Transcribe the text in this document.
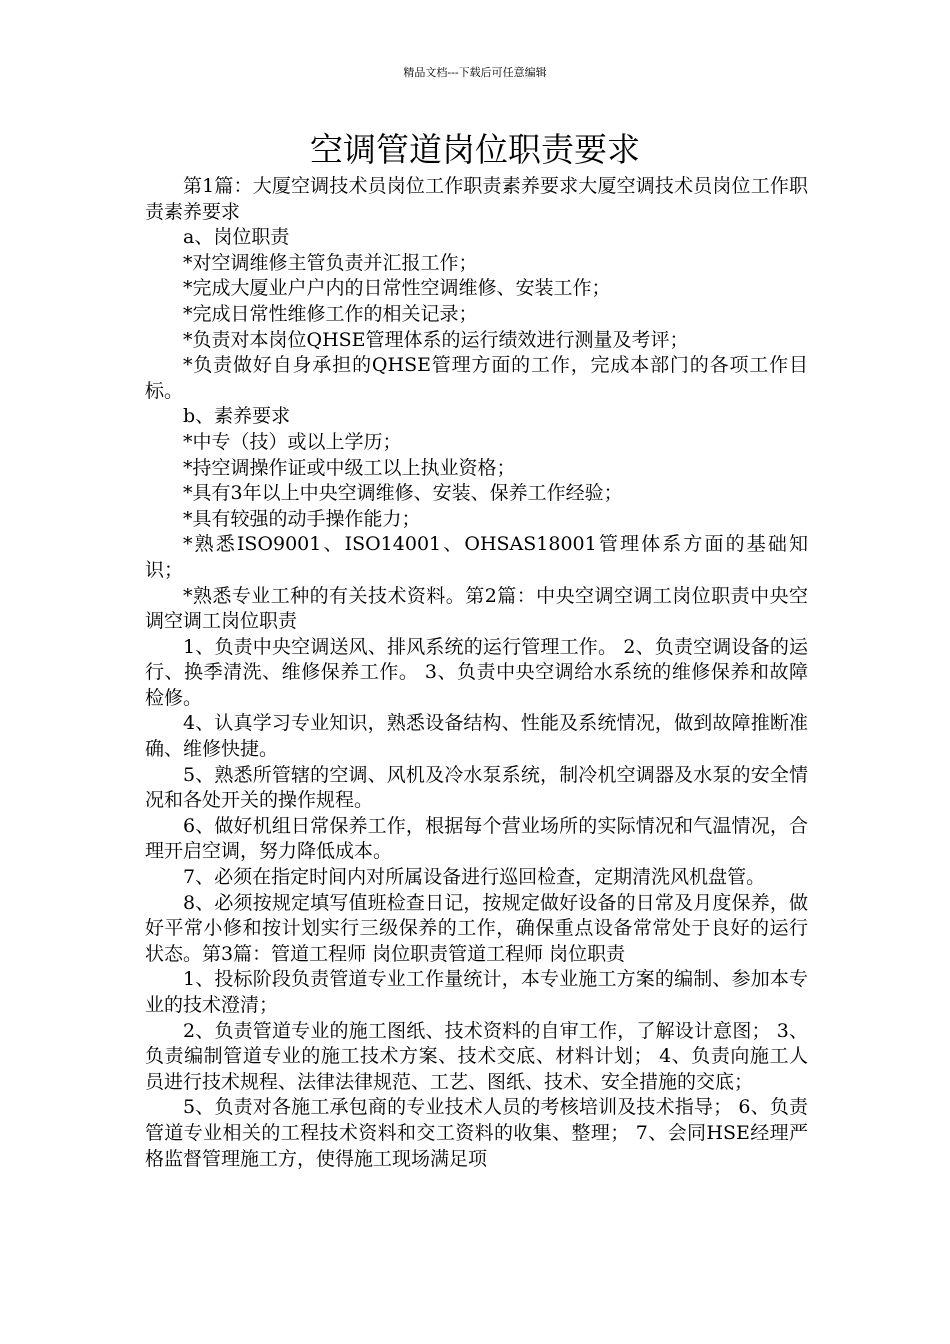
精品文档---下载后可任意编辑
空调管道岗位职责要求

第1篇：大厦空调技术员岗位工作职责素养要求大厦空调技术员岗位工作职责素养要求

a、岗位职责

*对空调维修主管负责并汇报工作；

*完成大厦业户户内的日常性空调维修、安装工作；

*完成日常性维修工作的相关记录；

*负责对本岗位QHSE管理体系的运行绩效进行测量及考评；

*负责做好自身承担的QHSE管理方面的工作，完成本部门的各项工作目标。

b、素养要求

*中专（技）或以上学历；

*持空调操作证或中级工以上执业资格；

*具有3年以上中央空调维修、安装、保养工作经验；

*具有较强的动手操作能力；

*熟悉ISO9001、ISO14001、OHSAS18001管理体系方面的基础知识；

*熟悉专业工种的有关技术资料。第2篇：中央空调空调工岗位职责中央空调空调工岗位职责

1、负责中央空调送风、排风系统的运行管理工作。 2、负责空调设备的运行、换季清洗、维修保养工作。 3、负责中央空调给水系统的维修保养和故障检修。

4、认真学习专业知识，熟悉设备结构、性能及系统情况，做到故障推断准确、维修快捷。

5、熟悉所管辖的空调、风机及冷水泵系统，制冷机空调器及水泵的安全情况和各处开关的操作规程。

6、做好机组日常保养工作，根据每个营业场所的实际情况和气温情况，合理开启空调，努力降低成本。

7、必须在指定时间内对所属设备进行巡回检查，定期清洗风机盘管。

8、必须按规定填写值班检查日记，按规定做好设备的日常及月度保养，做好平常小修和按计划实行三级保养的工作，确保重点设备常常处于良好的运行状态。第3篇：管道工程师 岗位职责管道工程师 岗位职责

1、投标阶段负责管道专业工作量统计，本专业施工方案的编制、参加本专业的技术澄清；

2、负责管道专业的施工图纸、技术资料的自审工作，了解设计意图； 3、负责编制管道专业的施工技术方案、技术交底、材料计划； 4、负责向施工人员进行技术规程、法律法律规范、工艺、图纸、技术、安全措施的交底；

5、负责对各施工承包商的专业技术人员的考核培训及技术指导； 6、负责管道专业相关的工程技术资料和交工资料的收集、整理； 7、会同HSE经理严格监督管理施工方，使得施工现场满足项
